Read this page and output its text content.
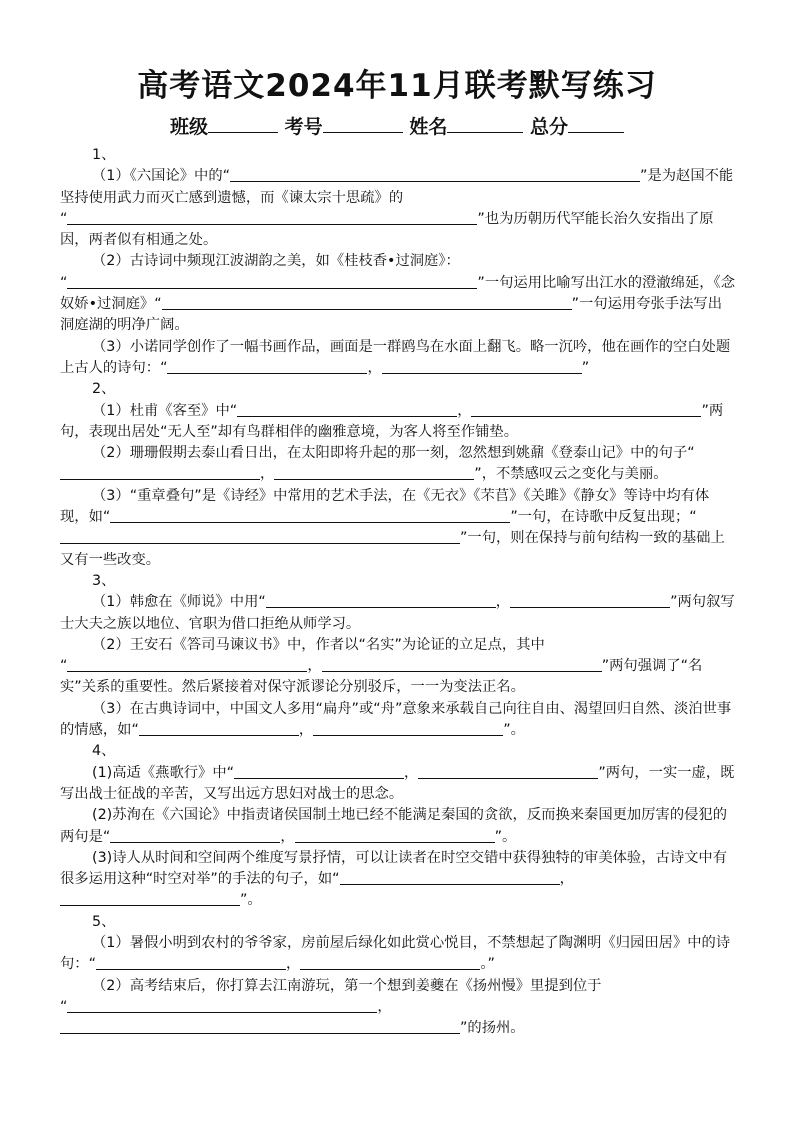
高考语文2024年11月联考默写练习
班级	考号	姓名	总分
1、

（1）《六国论》中的“	”是为赵国不能坚持使用武力而灭亡感到遗憾，而《谏太宗十思疏》的
“	”也为历朝历代罕能长治久安指出了原因，两者似有相通之处。

（2）古诗词中频现江波湖韵之美，如《桂枝香•过洞庭》：
“	”一句运用比喻写出江水的澄澈绵延，《念奴娇•过洞庭》“	”一句运用夸张手法写出洞庭湖的明净广阔。

（3）小诺同学创作了一幅书画作品，画面是一群鸥鸟在水面上翻飞。略一沉吟，他在画作的空白处题上古人的诗句：“	，	”

2、

（1）杜甫《客至》中“	，	”两句，表现出居处“无人至”却有鸟群相伴的幽雅意境，为客人将至作铺垫。

（2）珊珊假期去泰山看日出，在太阳即将升起的那一刻，忽然想到姚鼐《登泰山记》中的句子“，	”，不禁感叹云之变化与美丽。

（3）“重章叠句”是《诗经》中常用的艺术手法，在《无衣》《芣苢》《关雎》《静女》等诗中均有体现，如“	”一句，在诗歌中反复出现；“”一句，则在保持与前句结构一致的基础上又有一些改变。

3、

（1）韩愈在《师说》中用“	，	”两句叙写士大夫之族以地位、官职为借口拒绝从师学习。

（2）王安石《答司马谏议书》中，作者以“名实”为论证的立足点，其中
“	，	”两句强调了“名实”关系的重要性。然后紧接着对保守派谬论分别驳斥，一一为变法正名。

（3）在古典诗词中，中国文人多用“扁舟”或“舟”意象来承载自己向往自由、渴望回归自然、淡泊世事的情感，如“	，	”。

4、

(1)高适《燕歌行》中“	，	”两句，一实一虚，既写出战士征战的辛苦，又写出远方思妇对战士的思念。

(2)苏洵在《六国论》中指责诸侯国制土地已经不能满足秦国的贪欲，反而换来秦国更加厉害的侵犯的两句是“	，	”。

(3)诗人从时间和空间两个维度写景抒情，可以让读者在时空交错中获得独特的审美体验，古诗文中有很多运用这种“时空对举”的手法的句子，如“	，
”。

5、

（1）暑假小明到农村的爷爷家，房前屋后绿化如此赏心悦目，不禁想起了陶渊明《归园田居》中的诗句：“	，	。”

（2）高考结束后，你打算去江南游玩，第一个想到姜夔在《扬州慢》里提到位于
“	，
”的扬州。
